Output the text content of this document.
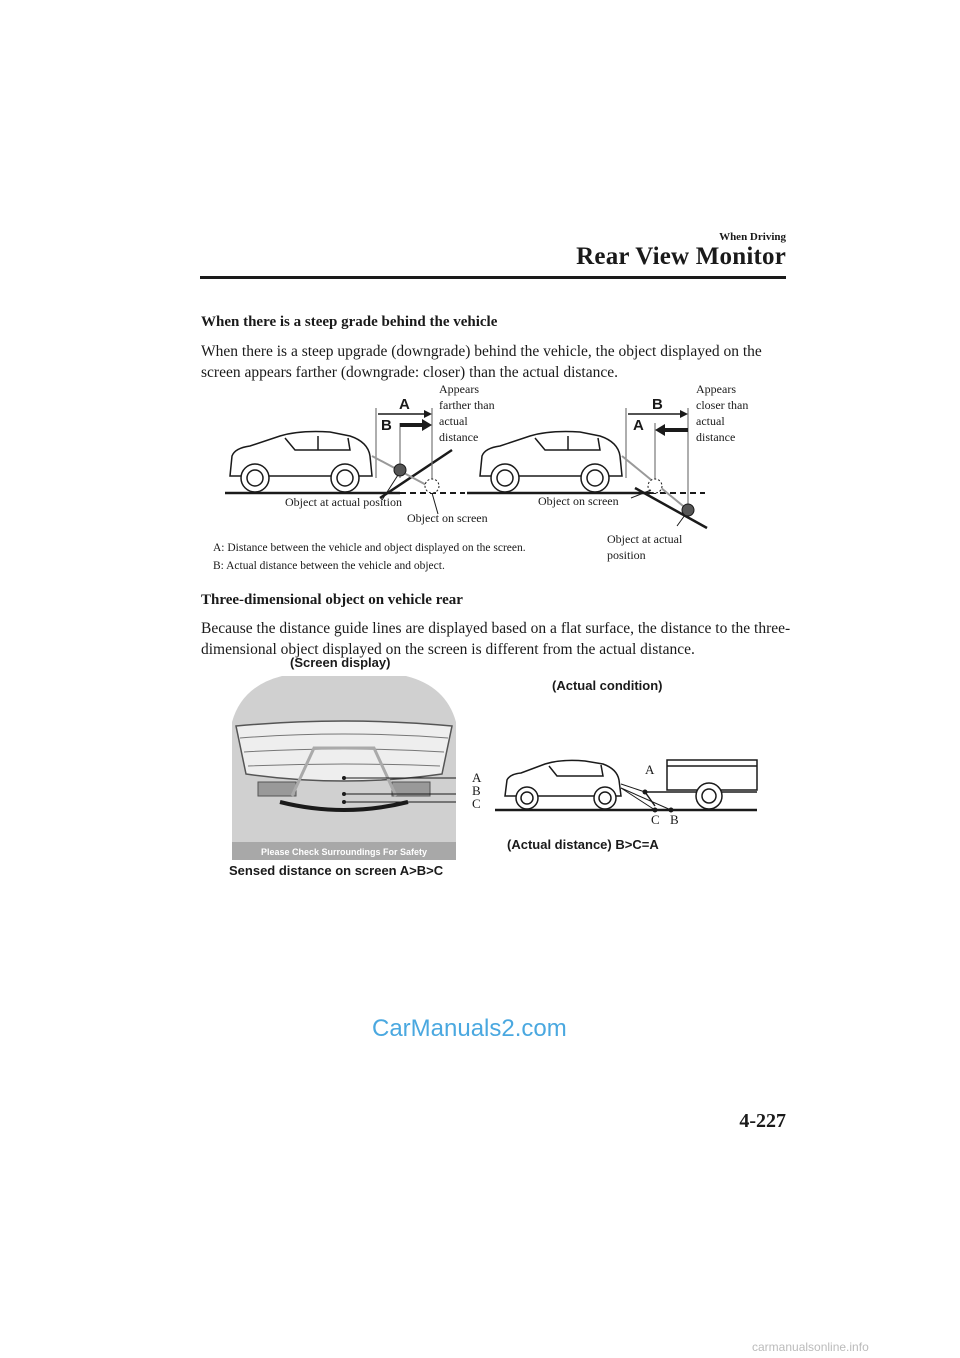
When Driving
Rear View Monitor
When there is a steep grade behind the vehicle
When there is a steep upgrade (downgrade) behind the vehicle, the object displayed on the screen appears farther (downgrade: closer) than the actual distance.
A
B
Appears
farther than
actual
distance
Object at actual position
Object on screen
B
A
Appears
closer than
actual
distance
Object on screen
Object at actual
position
A: Distance between the vehicle and object displayed on the screen.
B: Actual distance between the vehicle and object.
Three-dimensional object on vehicle rear
Because the distance guide lines are displayed based on a flat surface, the distance to the three-dimensional object displayed on the screen is different from the actual distance.
(Screen display)
Please Check Surroundings For Safety
A
B
C
Sensed distance on screen A>B>C
(Actual condition)
A
C B
(Actual distance) B>C=A
CarManuals2.com
4-227
carmanualsonline.info
